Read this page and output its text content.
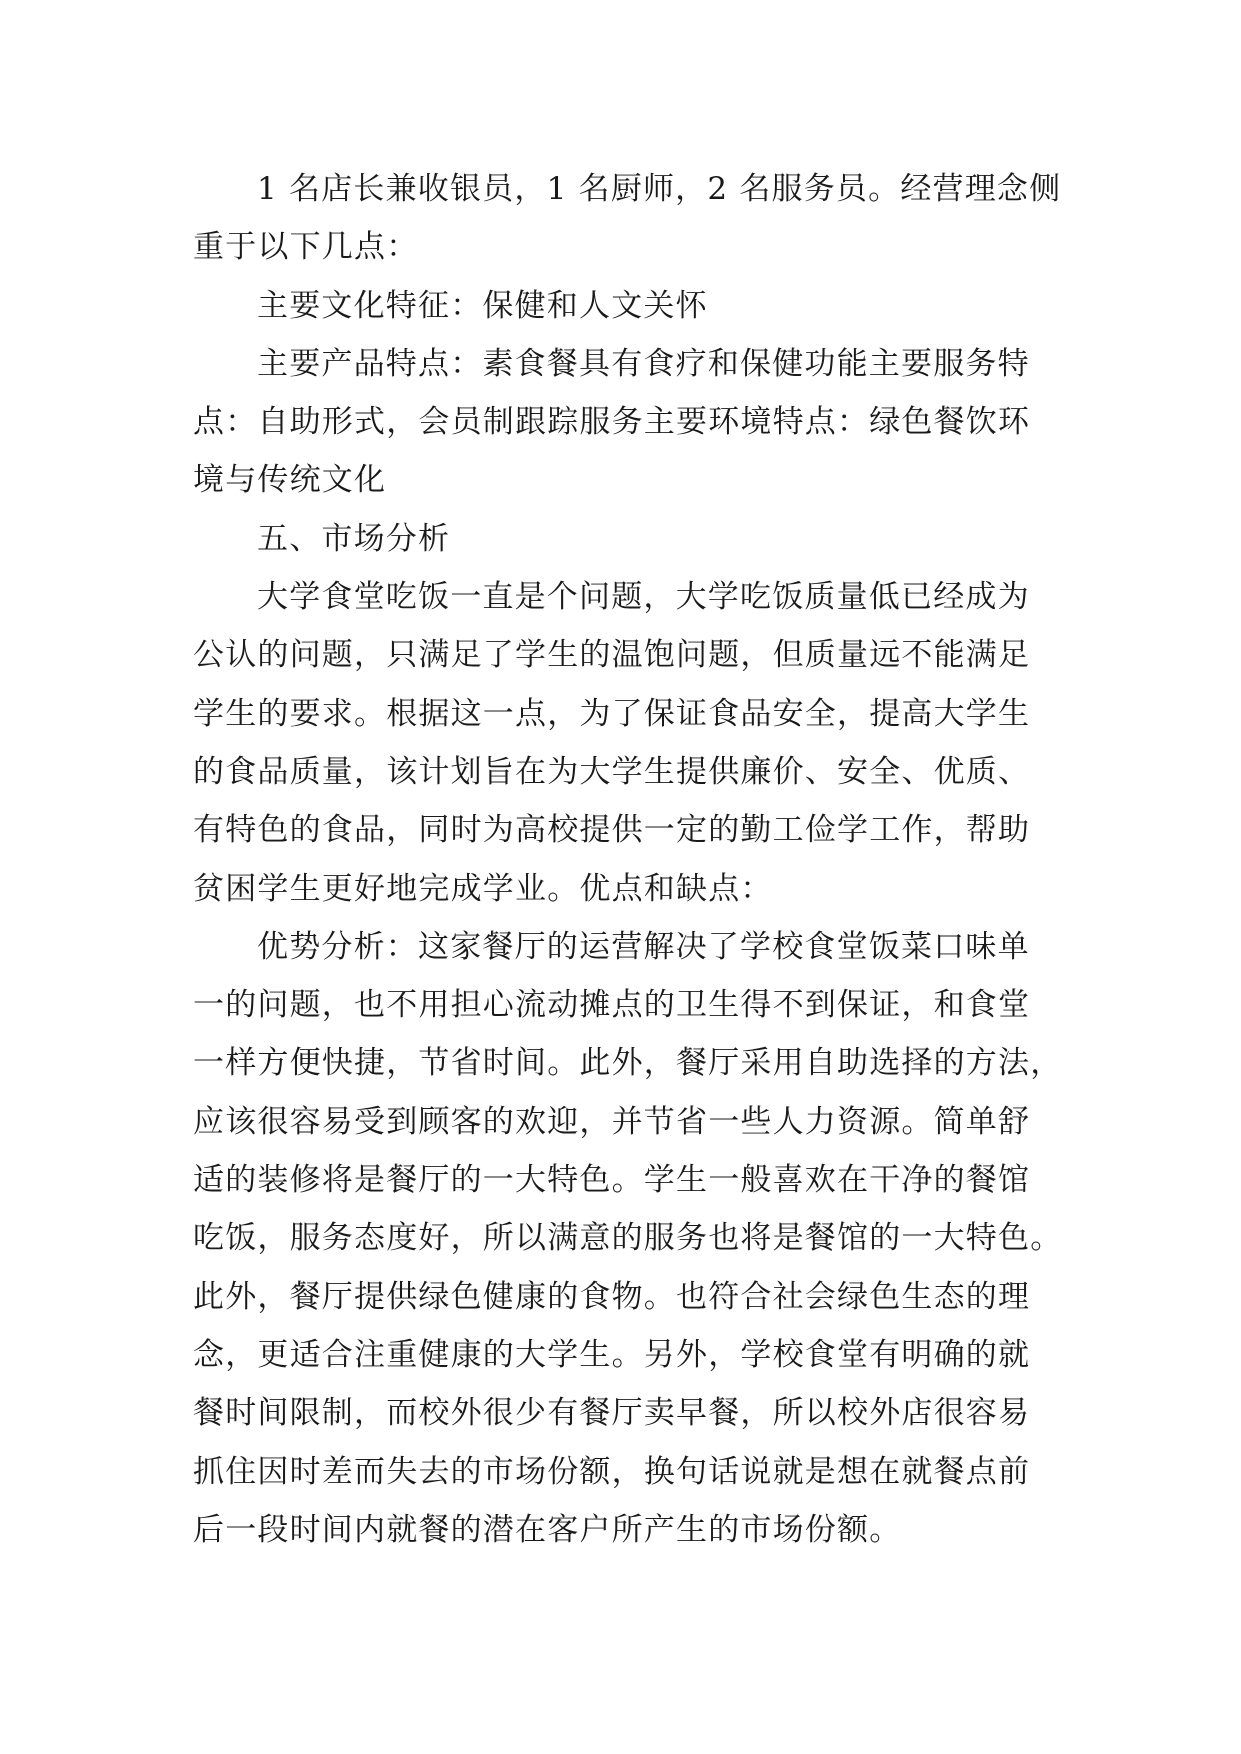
1 名店长兼收银员，1 名厨师，2 名服务员。经营理念侧
重于以下几点：

主要文化特征：保健和人文关怀

主要产品特点：素食餐具有食疗和保健功能主要服务特
点：自助形式，会员制跟踪服务主要环境特点：绿色餐饮环
境与传统文化

五、市场分析

大学食堂吃饭一直是个问题，大学吃饭质量低已经成为
公认的问题，只满足了学生的温饱问题，但质量远不能满足
学生的要求。根据这一点，为了保证食品安全，提高大学生
的食品质量，该计划旨在为大学生提供廉价、安全、优质、
有特色的食品，同时为高校提供一定的勤工俭学工作，帮助
贫困学生更好地完成学业。优点和缺点：

优势分析：这家餐厅的运营解决了学校食堂饭菜口味单
一的问题，也不用担心流动摊点的卫生得不到保证，和食堂
一样方便快捷，节省时间。此外，餐厅采用自助选择的方法，
应该很容易受到顾客的欢迎，并节省一些人力资源。简单舒
适的装修将是餐厅的一大特色。学生一般喜欢在干净的餐馆
吃饭，服务态度好，所以满意的服务也将是餐馆的一大特色。
此外，餐厅提供绿色健康的食物。也符合社会绿色生态的理
念，更适合注重健康的大学生。另外，学校食堂有明确的就
餐时间限制，而校外很少有餐厅卖早餐，所以校外店很容易
抓住因时差而失去的市场份额，换句话说就是想在就餐点前
后一段时间内就餐的潜在客户所产生的市场份额。
